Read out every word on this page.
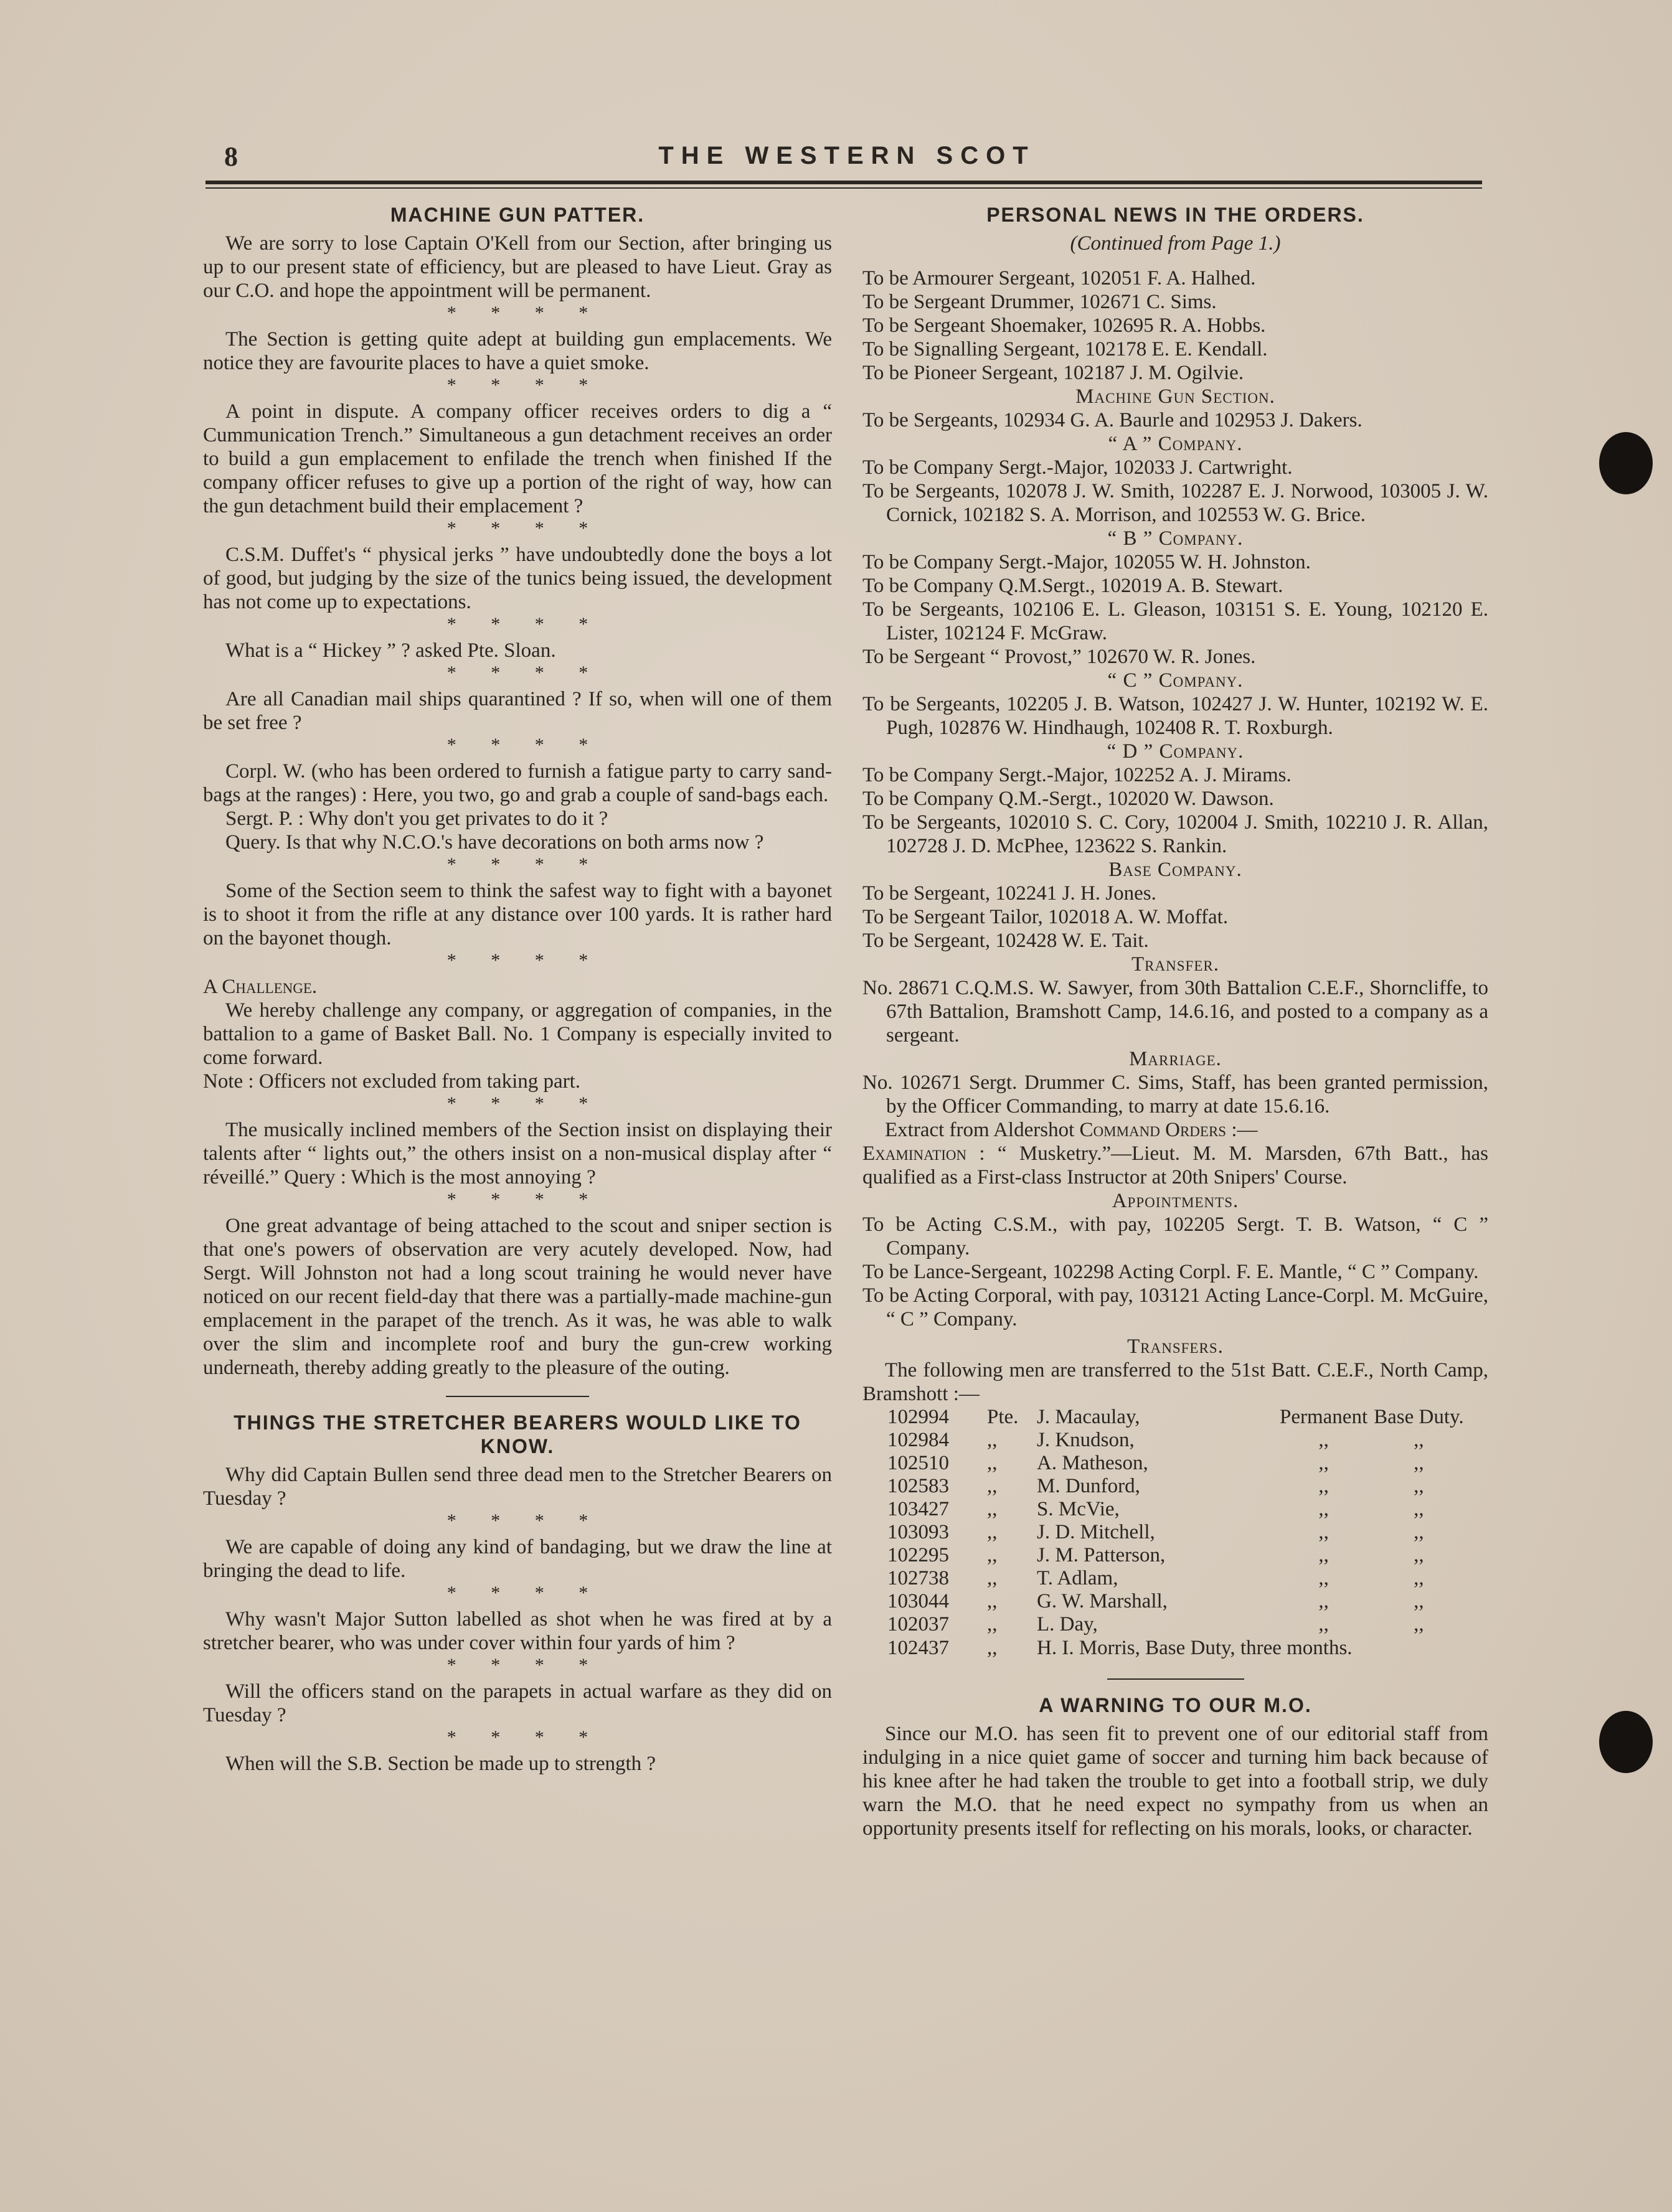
8	THE WESTERN SCOT
MACHINE GUN PATTER.

We are sorry to lose Captain O'Kell from our Section, after bringing us up to our present state of efficiency, but are pleased to have Lieut. Gray as our C.O. and hope the appointment will be permanent.

* * * *

The Section is getting quite adept at building gun emplacements. We notice they are favourite places to have a quiet smoke.

* * * *

A point in dispute. A company officer receives orders to dig a “ Cummunication Trench.” Simultaneous a gun detachment receives an order to build a gun emplacement to enfilade the trench when finished If the company officer refuses to give up a portion of the right of way, how can the gun detachment build their emplacement ?

* * * *

C.S.M. Duffet's “ physical jerks ” have undoubtedly done the boys a lot of good, but judging by the size of the tunics being issued, the development has not come up to expectations.

* * * *

What is a “ Hickey ” ? asked Pte. Sloan.

* * * *

Are all Canadian mail ships quarantined ? If so, when will one of them be set free ?

* * * *

Corpl. W. (who has been ordered to furnish a fatigue party to carry sand-bags at the ranges) : Here, you two, go and grab a couple of sand-bags each.

Sergt. P. : Why don't you get privates to do it ?

Query. Is that why N.C.O.'s have decorations on both arms now ?

* * * *

Some of the Section seem to think the safest way to fight with a bayonet is to shoot it from the rifle at any distance over 100 yards. It is rather hard on the bayonet though.

* * * *

A Challenge.

We hereby challenge any company, or aggregation of companies, in the battalion to a game of Basket Ball. No. 1 Company is especially invited to come forward.

Note : Officers not excluded from taking part.

* * * *

The musically inclined members of the Section insist on displaying their talents after “ lights out,” the others insist on a non-musical display after “ réveillé.” Query : Which is the most annoying ?

* * * *

One great advantage of being attached to the scout and sniper section is that one's powers of observation are very acutely developed. Now, had Sergt. Will Johnston not had a long scout training he would never have noticed on our recent field-day that there was a partially-made machine-gun emplacement in the parapet of the trench. As it was, he was able to walk over the slim and incomplete roof and bury the gun-crew working underneath, thereby adding greatly to the pleasure of the outing.

THINGS THE STRETCHER BEARERS WOULD LIKE TO KNOW.

Why did Captain Bullen send three dead men to the Stretcher Bearers on Tuesday ?

* * * *

We are capable of doing any kind of bandaging, but we draw the line at bringing the dead to life.

* * * *

Why wasn't Major Sutton labelled as shot when he was fired at by a stretcher bearer, who was under cover within four yards of him ?

* * * *

Will the officers stand on the parapets in actual warfare as they did on Tuesday ?

* * * *

When will the S.B. Section be made up to strength ?

PERSONAL NEWS IN THE ORDERS.

(Continued from Page 1.)

To be Armourer Sergeant, 102051 F. A. Halhed.

To be Sergeant Drummer, 102671 C. Sims.

To be Sergeant Shoemaker, 102695 R. A. Hobbs.

To be Signalling Sergeant, 102178 E. E. Kendall.

To be Pioneer Sergeant, 102187 J. M. Ogilvie.

Machine Gun Section.

To be Sergeants, 102934 G. A. Baurle and 102953 J. Dakers.

“ A ” Company.

To be Company Sergt.-Major, 102033 J. Cartwright.

To be Sergeants, 102078 J. W. Smith, 102287 E. J. Norwood, 103005 J. W. Cornick, 102182 S. A. Morrison, and 102553 W. G. Brice.

“ B ” Company.

To be Company Sergt.-Major, 102055 W. H. Johnston.

To be Company Q.M.Sergt., 102019 A. B. Stewart.

To be Sergeants, 102106 E. L. Gleason, 103151 S. E. Young, 102120 E. Lister, 102124 F. McGraw.

To be Sergeant “ Provost,” 102670 W. R. Jones.

“ C ” Company.

To be Sergeants, 102205 J. B. Watson, 102427 J. W. Hunter, 102192 W. E. Pugh, 102876 W. Hindhaugh, 102408 R. T. Roxburgh.

“ D ” Company.

To be Company Sergt.-Major, 102252 A. J. Mirams.

To be Company Q.M.-Sergt., 102020 W. Dawson.

To be Sergeants, 102010 S. C. Cory, 102004 J. Smith, 102210 J. R. Allan, 102728 J. D. McPhee, 123622 S. Rankin.

Base Company.

To be Sergeant, 102241 J. H. Jones.

To be Sergeant Tailor, 102018 A. W. Moffat.

To be Sergeant, 102428 W. E. Tait.

Transfer.

No. 28671 C.Q.M.S. W. Sawyer, from 30th Battalion C.E.F., Shorncliffe, to 67th Battalion, Bramshott Camp, 14.6.16, and posted to a company as a sergeant.

Marriage.

No. 102671 Sergt. Drummer C. Sims, Staff, has been granted permission, by the Officer Commanding, to marry at date 15.6.16.

Extract from Aldershot Command Orders :—

Examination : “ Musketry.”—Lieut. M. M. Marsden, 67th Batt., has qualified as a First-class Instructor at 20th Snipers' Course.

Appointments.

To be Acting C.S.M., with pay, 102205 Sergt. T. B. Watson, “ C ” Company.

To be Lance-Sergeant, 102298 Acting Corpl. F. E. Mantle, “ C ” Company.

To be Acting Corporal, with pay, 103121 Acting Lance-Corpl. M. McGuire, “ C ” Company.

Transfers.

The following men are transferred to the 51st Batt. C.E.F., North Camp, Bramshott :—

102994	Pte.	J. Macaulay,	Permanent	Base Duty.
102984	,,	J. Knudson,	,,	,,
102510	,,	A. Matheson,	,,	,,
102583	,,	M. Dunford,	,,	,,
103427	,,	S. McVie,	,,	,,
103093	,,	J. D. Mitchell,	,,	,,
102295	,,	J. M. Patterson,	,,	,,
102738	,,	T. Adlam,	,,	,,
103044	,,	G. W. Marshall,	,,	,,
102037	,,	L. Day,	,,	,,
102437 ,, H. I. Morris, Base Duty, three months.
A WARNING TO OUR M.O.

Since our M.O. has seen fit to prevent one of our editorial staff from indulging in a nice quiet game of soccer and turning him back because of his knee after he had taken the trouble to get into a football strip, we duly warn the M.O. that he need expect no sympathy from us when an opportunity presents itself for reflecting on his morals, looks, or character.
